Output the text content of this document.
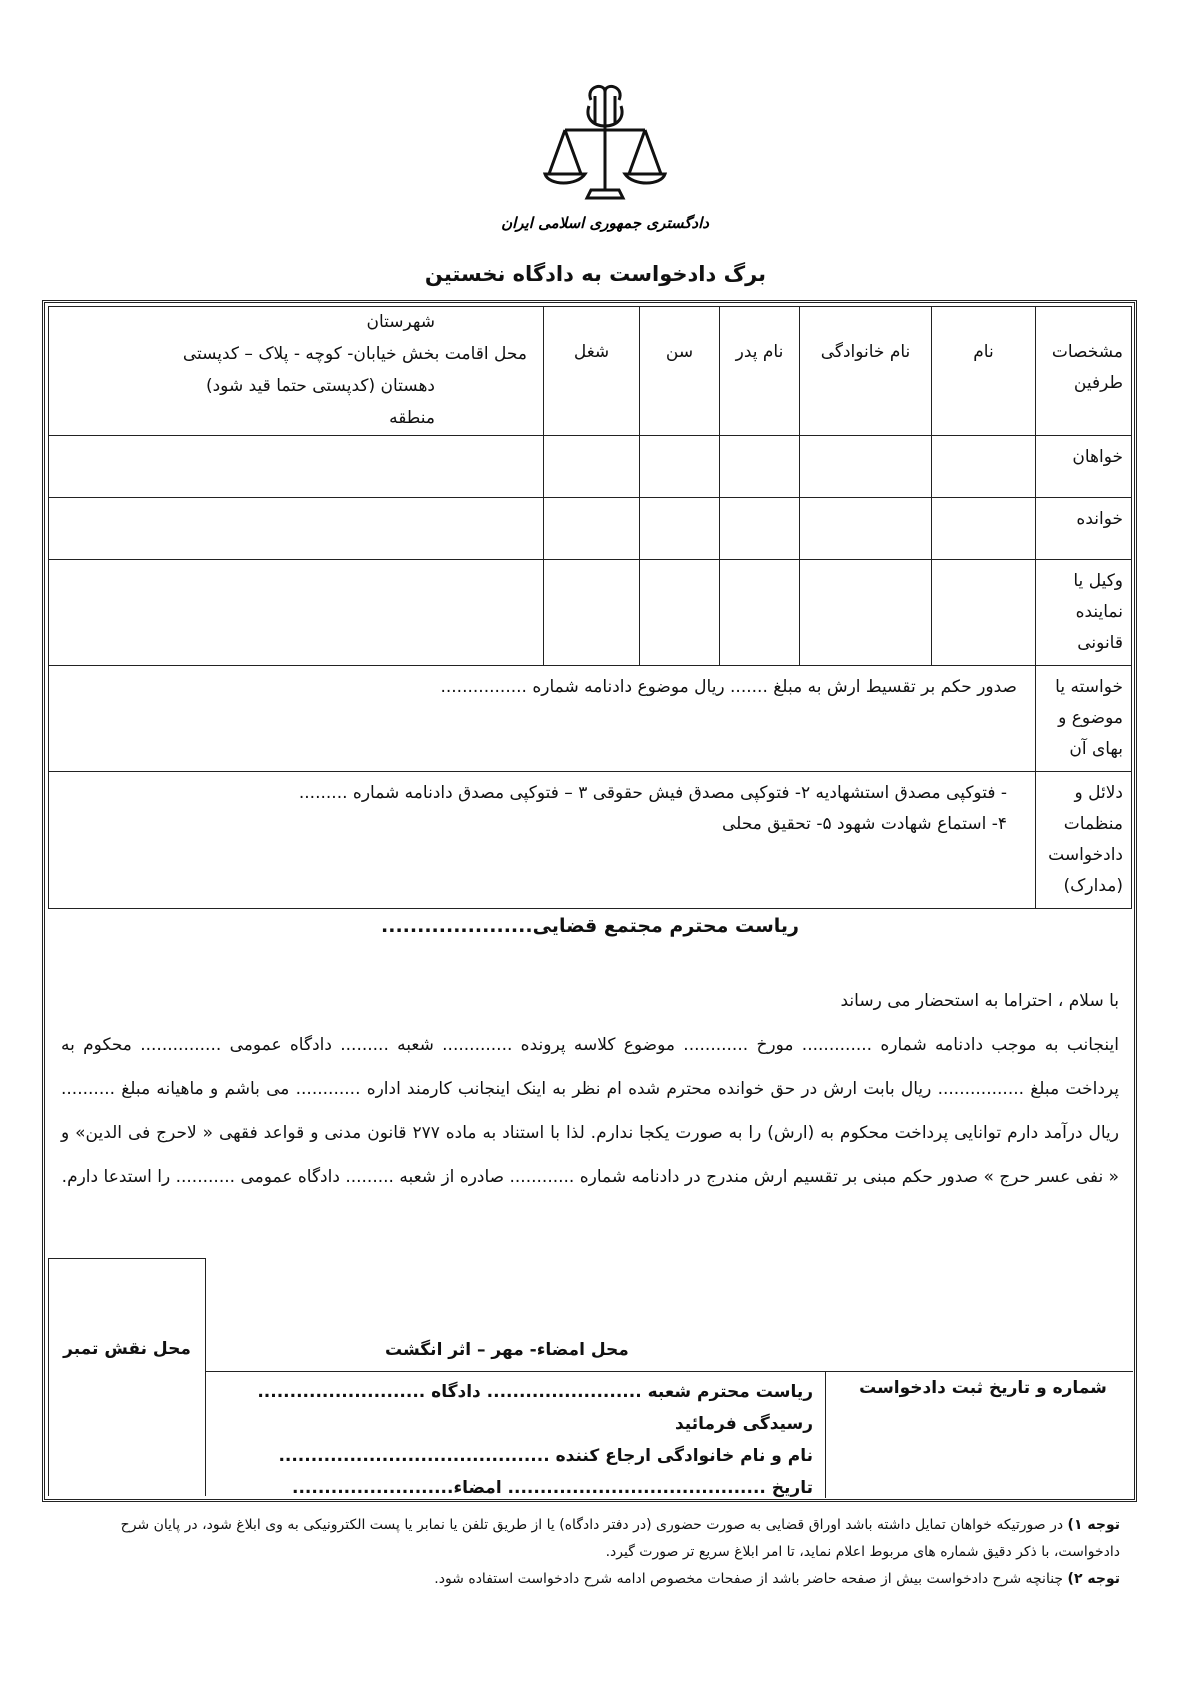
دادگستری جمهوری اسلامی ایران
برگ دادخواست به دادگاه نخستین
مشخصات طرفین	نام	نام خانوادگی	نام پدر	سن	شغل	شهرستان
محل اقامت بخش خیابان- کوچه - پلاک – کدپستی
دهستان (کدپستی حتما قید شود)
منطقه

خواهان						
خوانده						
وکیل یا نماینده قانونی						
خواسته یا موضوع و بهای آن	صدور حکم بر تقسیط ارش به مبلغ ....... ریال موضوع دادنامه شماره ................					
دلائل و منظمات دادخواست (مدارک)	- فتوکپی مصدق استشهادیه ۲- فتوکپی مصدق فیش حقوقی ۳ – فتوکپی مصدق دادنامه شماره .........
۴- استماع شهادت شهود ۵- تحقیق محلی					
ریاست محترم مجتمع قضایی.....................
با سلام ، احتراما به استحضار می رساند
اینجانب به موجب دادنامه شماره ............. مورخ ............ موضوع کلاسه پرونده ............. شعبه ......... دادگاه عمومی ............... محکوم به پرداخت مبلغ ................ ریال بابت ارش در حق خوانده محترم شده ام نظر به اینک اینجانب کارمند اداره ............ می باشم و ماهیانه مبلغ .......... ریال درآمد دارم توانایی پرداخت محکوم به (ارش) را به صورت یکجا ندارم. لذا با استناد به ماده ۲۷۷ قانون مدنی و قواعد فقهی « لاحرج فی الدین» و « نفی عسر حرج » صدور حکم مبنی بر تقسیم ارش مندرج در دادنامه شماره ............ صادره از شعبه ......... دادگاه عمومی ........... را استدعا دارم.
محل نقش تمبر	محل امضاء- مهر – اثر انگشت
شماره و تاریخ ثبت دادخواست
ریاست محترم شعبه ........................ دادگاه .......................... رسیدگی فرمائید
نام و نام خانوادگی ارجاع کننده ..........................................
تاریخ ........................................ امضاء.........................
توجه ۱) در صورتیکه خواهان تمایل داشته باشد اوراق قضایی به صورت حضوری (در دفتر دادگاه) یا از طریق تلفن یا نمابر یا پست الکترونیکی به وی ابلاغ شود، در پایان شرح دادخواست، با ذکر دقیق شماره های مربوط اعلام نماید، تا امر ابلاغ سریع تر صورت گیرد.
توجه ۲) چنانچه شرح دادخواست بیش از صفحه حاضر باشد از صفحات مخصوص ادامه شرح دادخواست استفاده شود.
